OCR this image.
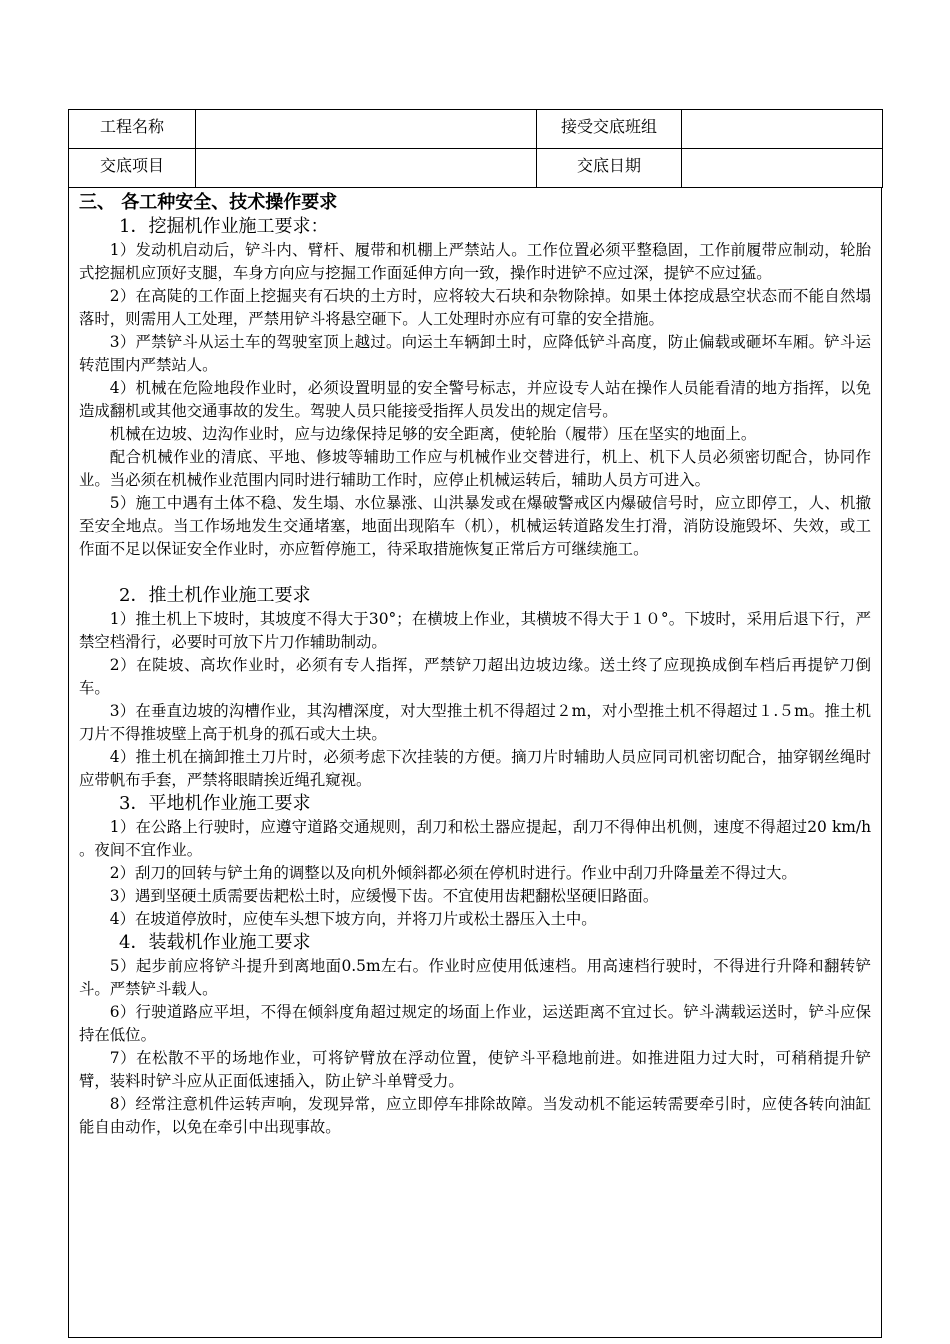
工程名称		接受交底班组	
交底项目		交底日期	

三、 各工种安全、技术操作要求

1．挖掘机作业施工要求：

1）发动机启动后，铲斗内、臂杆、履带和机棚上严禁站人。工作位置必须平整稳固，工作前履带应制动，轮胎式挖掘机应顶好支腿，车身方向应与挖掘工作面延伸方向一致，操作时进铲不应过深，提铲不应过猛。

2）在高陡的工作面上挖掘夹有石块的土方时，应将较大石块和杂物除掉。如果土体挖成悬空状态而不能自然塌落时，则需用人工处理，严禁用铲斗将悬空砸下。人工处理时亦应有可靠的安全措施。

3）严禁铲斗从运土车的驾驶室顶上越过。向运土车辆卸土时，应降低铲斗高度，防止偏载或砸坏车厢。铲斗运转范围内严禁站人。

4）机械在危险地段作业时，必须设置明显的安全警号标志，并应设专人站在操作人员能看清的地方指挥，以免造成翻机或其他交通事故的发生。驾驶人员只能接受指挥人员发出的规定信号。

机械在边坡、边沟作业时，应与边缘保持足够的安全距离，使轮胎（履带）压在坚实的地面上。

配合机械作业的清底、平地、修坡等辅助工作应与机械作业交替进行，机上、机下人员必须密切配合，协同作业。当必须在机械作业范围内同时进行辅助工作时，应停止机械运转后，辅助人员方可进入。

5）施工中遇有土体不稳、发生塌、水位暴涨、山洪暴发或在爆破警戒区内爆破信号时，应立即停工，人、机撤至安全地点。当工作场地发生交通堵塞，地面出现陷车（机），机械运转道路发生打滑，消防设施毁坏、失效，或工作面不足以保证安全作业时，亦应暂停施工，待采取措施恢复正常后方可继续施工。

2．推土机作业施工要求

1）推土机上下坡时，其坡度不得大于30°；在横坡上作业，其横坡不得大于１０°。下坡时，采用后退下行，严禁空档滑行，必要时可放下片刀作辅助制动。

2）在陡坡、高坎作业时，必须有专人指挥，严禁铲刀超出边坡边缘。送土终了应现换成倒车档后再提铲刀倒车。

3）在垂直边坡的沟槽作业，其沟槽深度，对大型推土机不得超过２m，对小型推土机不得超过１.５m。推土机刀片不得推坡壁上高于机身的孤石或大土块。

4）推土机在摘卸推土刀片时，必须考虑下次挂装的方便。摘刀片时辅助人员应同司机密切配合，抽穿钢丝绳时应带帆布手套，严禁将眼睛挨近绳孔窥视。

3．平地机作业施工要求

1）在公路上行驶时，应遵守道路交通规则，刮刀和松土器应提起，刮刀不得伸出机侧，速度不得超过20 km/h 。夜间不宜作业。

2）刮刀的回转与铲土角的调整以及向机外倾斜都必须在停机时进行。作业中刮刀升降量差不得过大。

3）遇到坚硬土质需要齿耙松土时，应缓慢下齿。不宜使用齿耙翻松坚硬旧路面。

4）在坡道停放时，应使车头想下坡方向，并将刀片或松土器压入土中。

4．装载机作业施工要求

5）起步前应将铲斗提升到离地面0.5m左右。作业时应使用低速档。用高速档行驶时，不得进行升降和翻转铲斗。严禁铲斗载人。

6）行驶道路应平坦，不得在倾斜度角超过规定的场面上作业，运送距离不宜过长。铲斗满载运送时，铲斗应保持在低位。

7）在松散不平的场地作业，可将铲臂放在浮动位置，使铲斗平稳地前进。如推进阻力过大时，可稍稍提升铲臂，装料时铲斗应从正面低速插入，防止铲斗单臂受力。

8）经常注意机件运转声响，发现异常，应立即停车排除故障。当发动机不能运转需要牵引时，应使各转向油缸能自由动作，以免在牵引中出现事故。
